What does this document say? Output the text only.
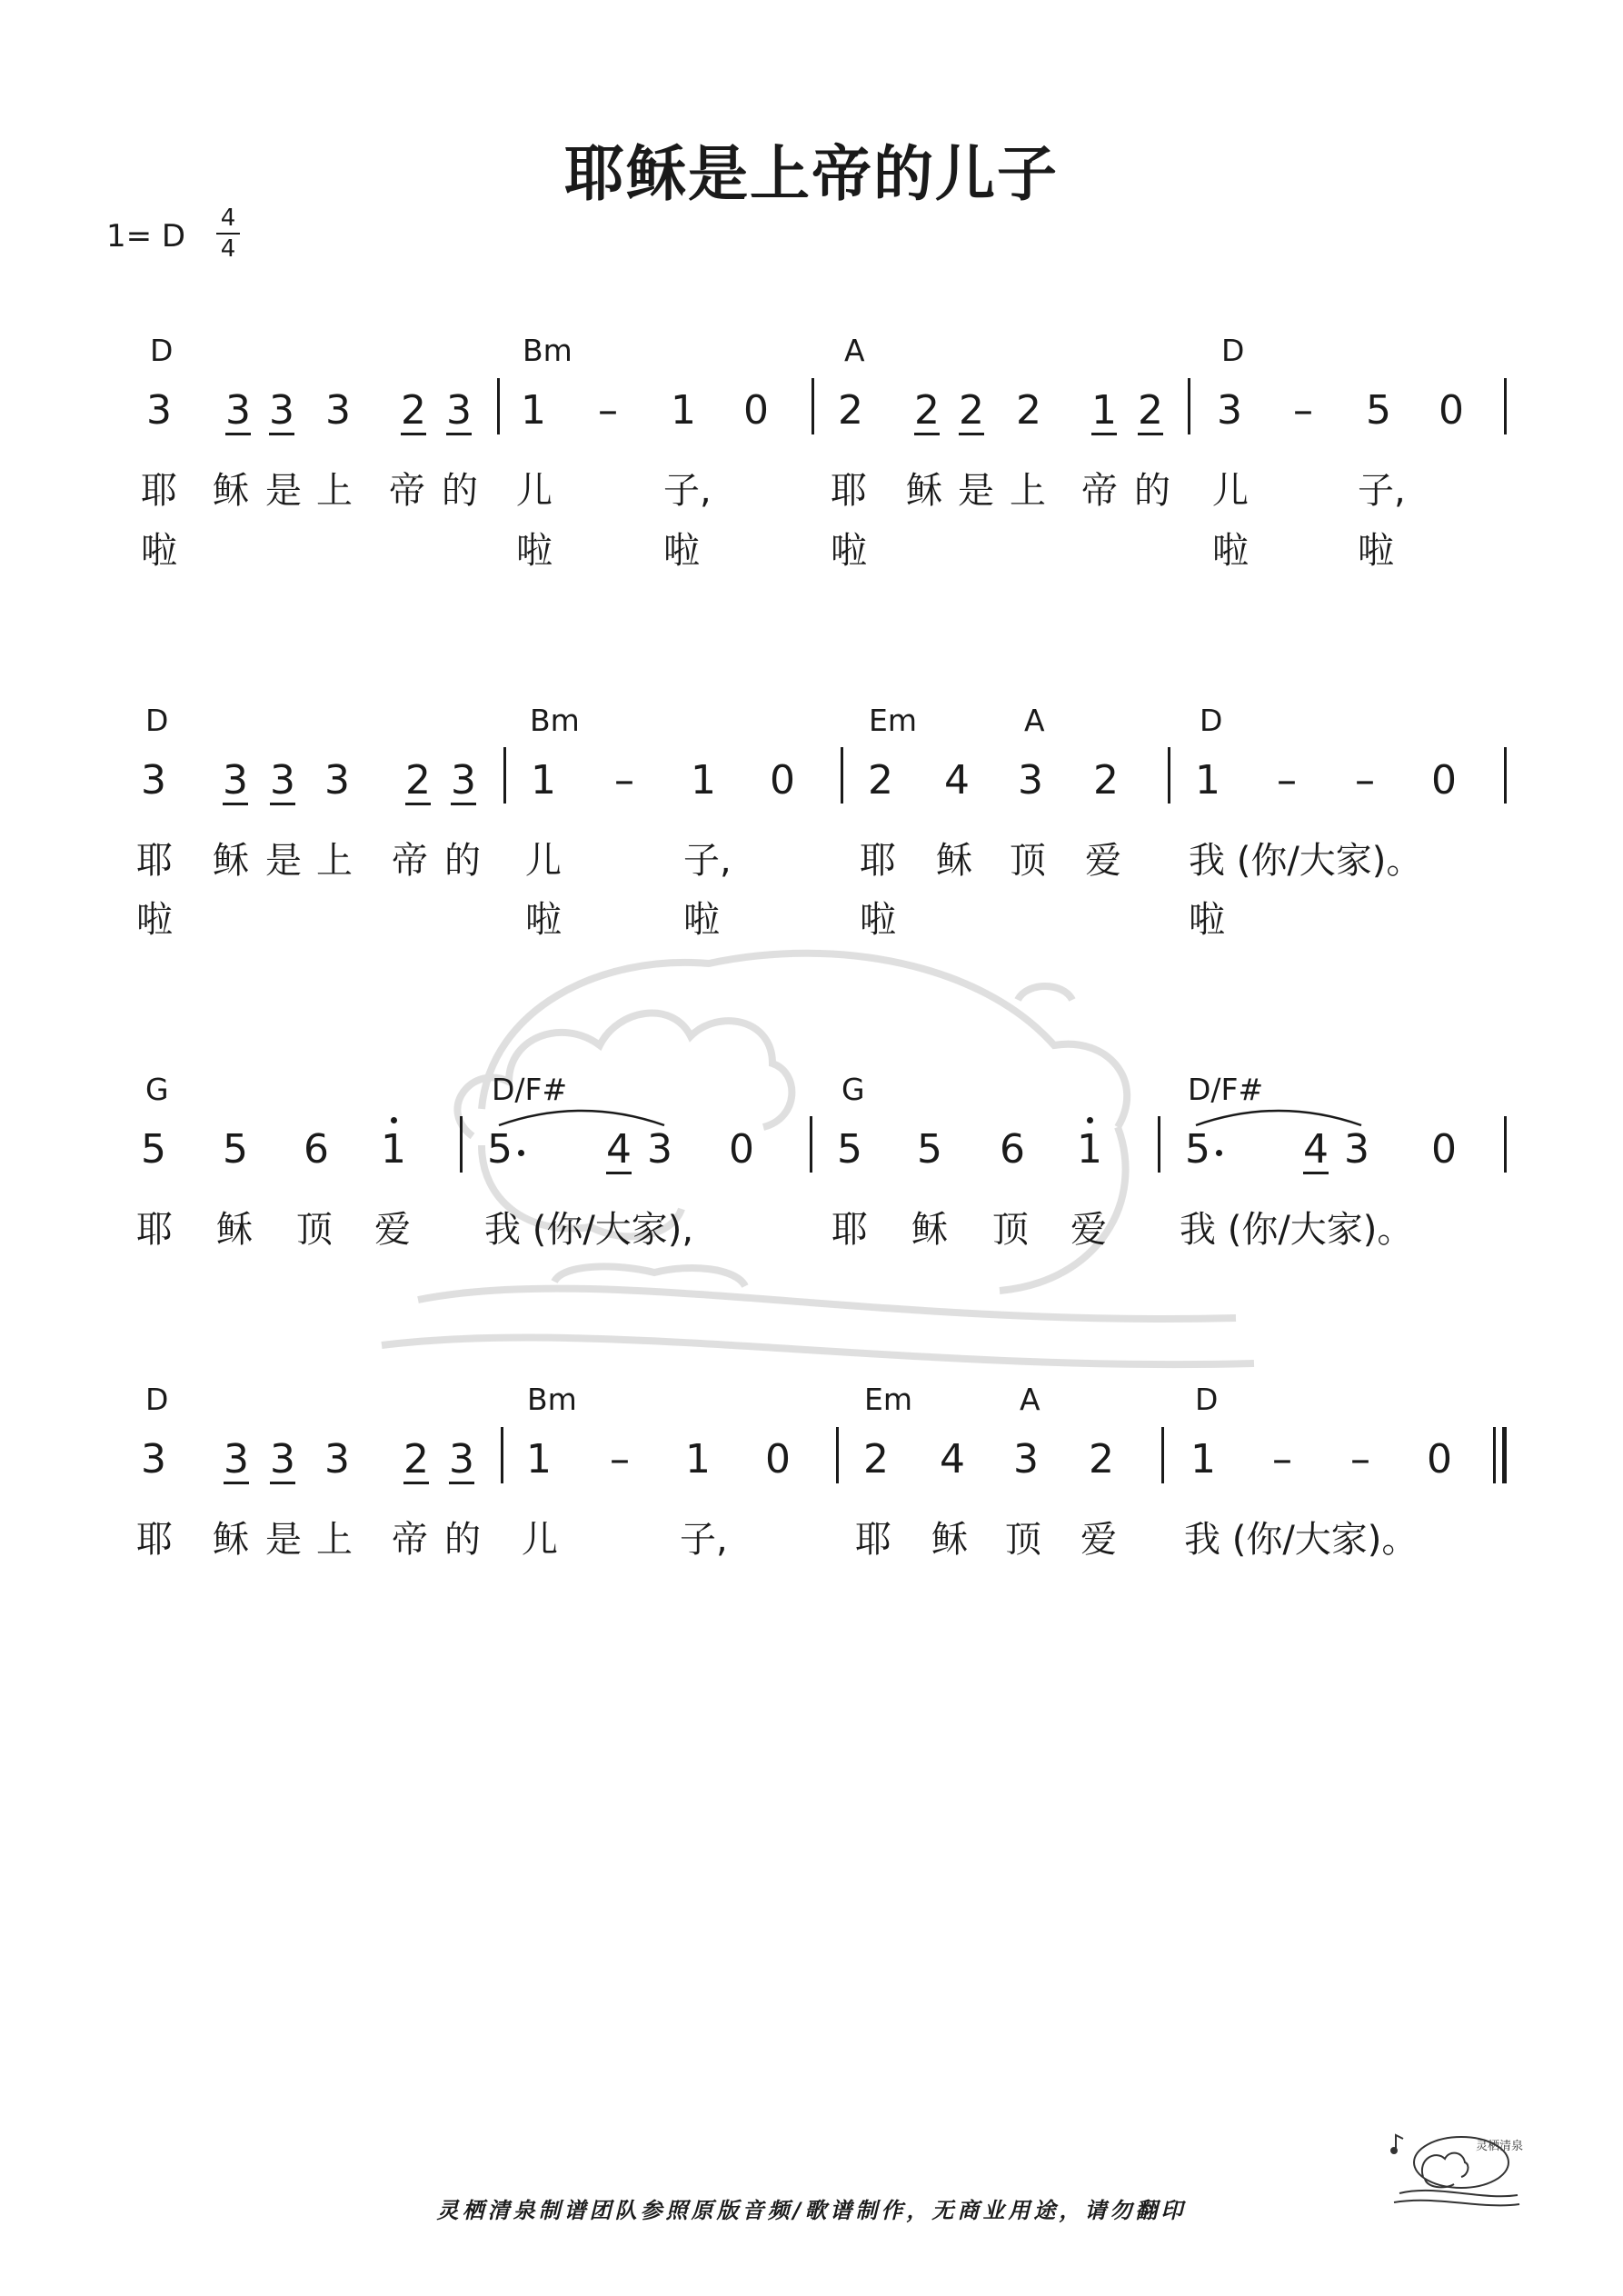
耶稣是上帝的儿子
1= D	4
4
D	Bm	A	D
3 3 3 3 2 3 1 – 1 0 2 2 2 2 1 2 3 – 5 0
耶 稣 是 上 帝 的 儿	子,	耶 稣 是 上 帝 的 儿	子,
啦	啦	啦	啦	啦	啦
D	Bm	Em	A	D
3 3 3 3 2 3 1 – 1 0 2 4 3 2 1 – – 0
耶 稣 是 上 帝 的 儿	子,	耶 稣 顶 爱 我 (你/大家)。
啦	啦	啦	啦	啦
G	D/F#	G	D/F#
5 5 6 1 5 4 3 0 5 5 6 1 5 4 3 0
耶 稣 顶 爱 我 (你/大家),	耶 稣 顶 爱 我 (你/大家)。
D	Bm	Em	A	D
3 3 3 3 2 3 1 – 1 0 2 4 3 2 1 – – 0
耶 稣 是 上 帝 的 儿	子,	耶 稣 顶 爱 我 (你/大家)。
灵栖清泉制谱团队参照原版音频/歌谱制作，无商业用途，请勿翻印
灵栖清泉
